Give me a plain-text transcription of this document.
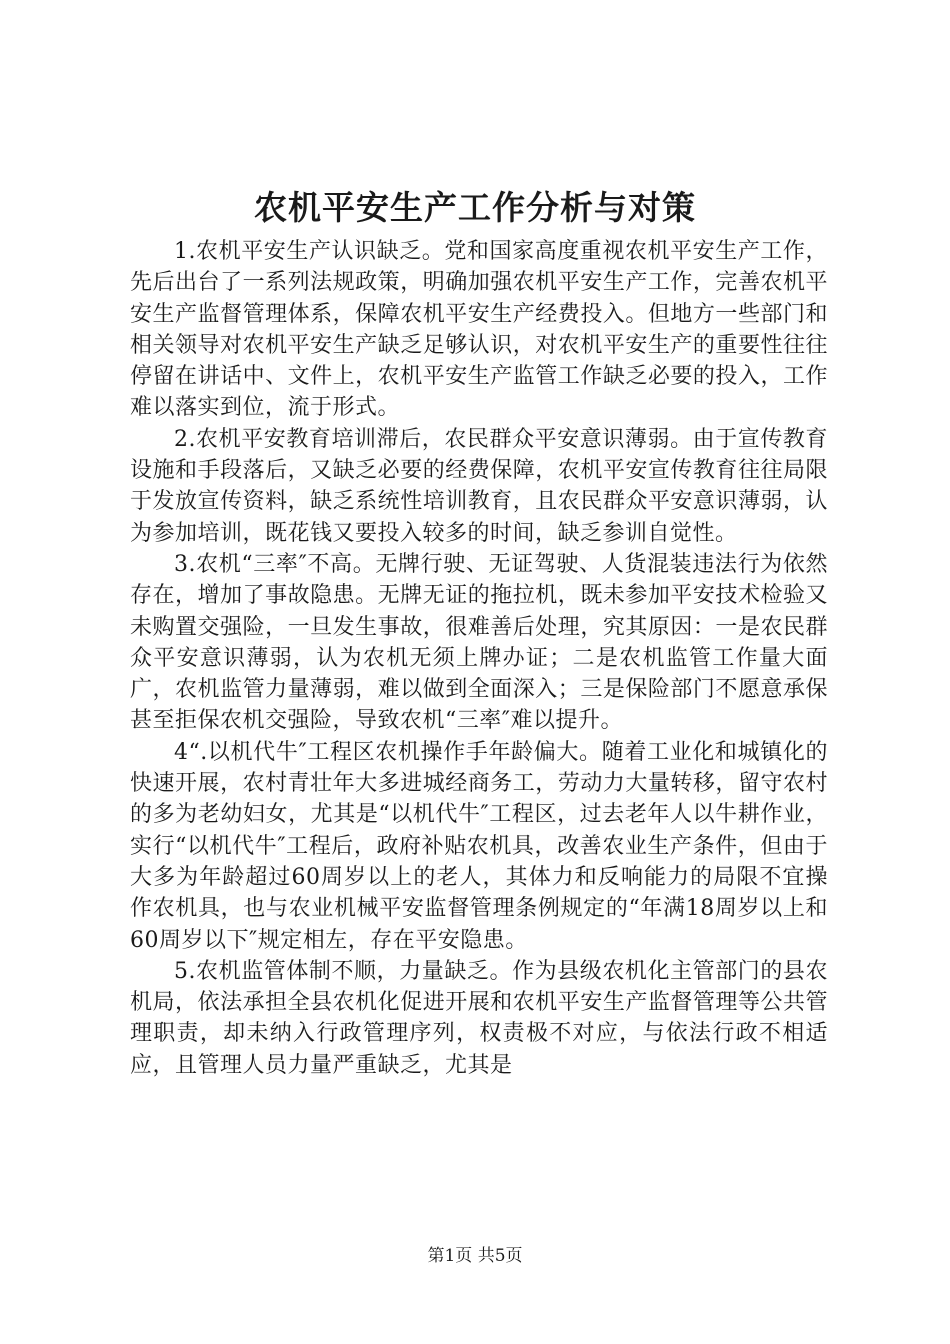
农机平安生产工作分析与对策

1.农机平安生产认识缺乏。党和国家高度重视农机平安生产工作，先后出台了一系列法规政策，明确加强农机平安生产工作，完善农机平安生产监督管理体系，保障农机平安生产经费投入。但地方一些部门和相关领导对农机平安生产缺乏足够认识，对农机平安生产的重要性往往停留在讲话中、文件上，农机平安生产监管工作缺乏必要的投入，工作难以落实到位，流于形式。

2.农机平安教育培训滞后，农民群众平安意识薄弱。由于宣传教育设施和手段落后，又缺乏必要的经费保障，农机平安宣传教育往往局限于发放宣传资料，缺乏系统性培训教育，且农民群众平安意识薄弱，认为参加培训，既花钱又要投入较多的时间，缺乏参训自觉性。

3.农机“三率″不高。无牌行驶、无证驾驶、人货混装违法行为依然存在，增加了事故隐患。无牌无证的拖拉机，既未参加平安技术检验又未购置交强险，一旦发生事故，很难善后处理，究其原因：一是农民群众平安意识薄弱，认为农机无须上牌办证；二是农机监管工作量大面广，农机监管力量薄弱，难以做到全面深入；三是保险部门不愿意承保甚至拒保农机交强险，导致农机“三率″难以提升。

4“.以机代牛″工程区农机操作手年龄偏大。随着工业化和城镇化的快速开展，农村青壮年大多进城经商务工，劳动力大量转移，留守农村的多为老幼妇女，尤其是“以机代牛″工程区，过去老年人以牛耕作业，实行“以机代牛″工程后，政府补贴农机具，改善农业生产条件，但由于大多为年龄超过60周岁以上的老人，其体力和反响能力的局限不宜操作农机具，也与农业机械平安监督管理条例规定的“年满18周岁以上和60周岁以下″规定相左，存在平安隐患。

5.农机监管体制不顺，力量缺乏。作为县级农机化主管部门的县农机局，依法承担全县农机化促进开展和农机平安生产监督管理等公共管理职责，却未纳入行政管理序列，权责极不对应，与依法行政不相适应，且管理人员力量严重缺乏，尤其是

第1页 共5页
